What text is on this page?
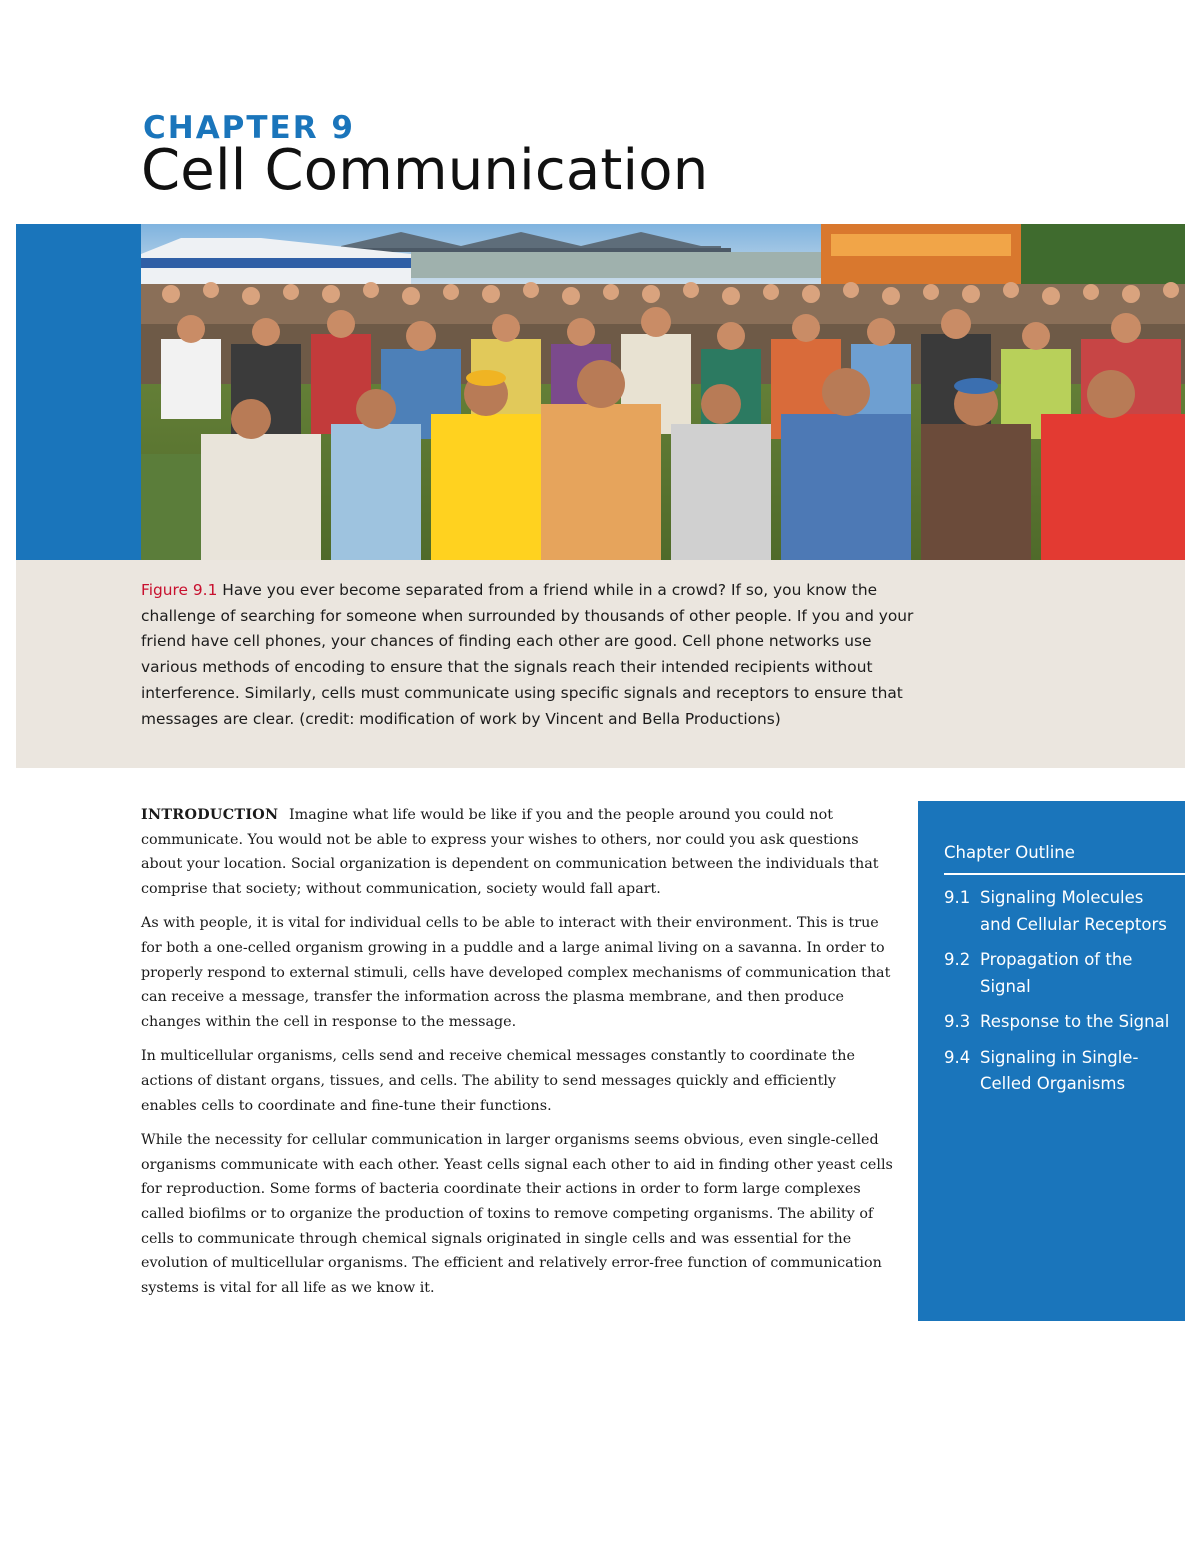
CHAPTER 9
Cell Communication
Figure 9.1 Have you ever become separated from a friend while in a crowd? If so, you know the challenge of searching for someone when surrounded by thousands of other people. If you and your friend have cell phones, your chances of finding each other are good. Cell phone networks use various methods of encoding to ensure that the signals reach their intended recipients without interference. Similarly, cells must communicate using specific signals and receptors to ensure that messages are clear. (credit: modification of work by Vincent and Bella Productions)

INTRODUCTION Imagine what life would be like if you and the people around you could not communicate. You would not be able to express your wishes to others, nor could you ask questions about your location. Social organization is dependent on communication between the individuals that comprise that society; without communication, society would fall apart.

As with people, it is vital for individual cells to be able to interact with their environment. This is true for both a one-celled organism growing in a puddle and a large animal living on a savanna. In order to properly respond to external stimuli, cells have developed complex mechanisms of communication that can receive a message, transfer the information across the plasma membrane, and then produce changes within the cell in response to the message.

In multicellular organisms, cells send and receive chemical messages constantly to coordinate the actions of distant organs, tissues, and cells. The ability to send messages quickly and efficiently enables cells to coordinate and fine-tune their functions.

While the necessity for cellular communication in larger organisms seems obvious, even single-celled organisms communicate with each other. Yeast cells signal each other to aid in finding other yeast cells for reproduction. Some forms of bacteria coordinate their actions in order to form large complexes called biofilms or to organize the production of toxins to remove competing organisms. The ability of cells to communicate through chemical signals originated in single cells and was essential for the evolution of multicellular organisms. The efficient and relatively error-free function of communication systems is vital for all life as we know it.

Chapter Outline
9.1 Signaling Molecules and Cellular Receptors
9.2 Propagation of the Signal
9.3 Response to the Signal
9.4 Signaling in Single-Celled Organisms
